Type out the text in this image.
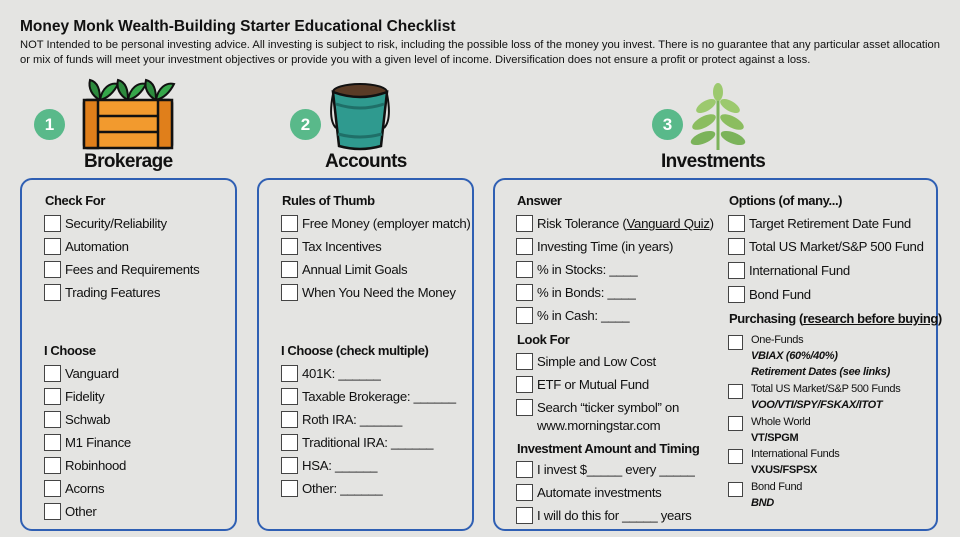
Money Monk Wealth-Building Starter Educational Checklist
NOT Intended to be personal investing advice. All investing is subject to risk, including the possible loss of the money you invest. There is no guarantee that any particular asset allocation or mix of funds will meet your investment objectives or provide you with a given level of income. Diversification does not ensure a profit or protect against a loss.
1
Brokerage
2
Accounts
3
Investments
Check For
Security/Reliability
Automation
Fees and Requirements
Trading Features
I Choose
Vanguard
Fidelity
Schwab
M1 Finance
Robinhood
Acorns
Other
Rules of Thumb
Free Money (employer match)
Tax Incentives
Annual Limit Goals
When You Need the Money
I Choose (check multiple)
401K: ______
Taxable Brokerage: ______
Roth IRA: ______
Traditional IRA: ______
HSA: ______
Other: ______
Answer
Risk Tolerance ( Vanguard Quiz )
Investing Time (in years)
% in Stocks: ____
% in Bonds: ____
% in Cash: ____
Look For
Simple and Low Cost
ETF or Mutual Fund
Search “ticker symbol” on
www.morningstar.com
Investment Amount and Timing
I invest $_____ every _____
Automate investments
I will do this for _____ years
Options (of many...)
Target Retirement Date Fund
Total US Market/S&P 500 Fund
International Fund
Bond Fund
Purchasing (research before buying)
One-Funds
VBIAX (60%/40%)
Retirement Dates (see links)
Total US Market/S&P 500 Funds
VOO/VTI/SPY/FSKAX/ITOT
Whole World
VT/SPGM
International Funds
VXUS/FSPSX
Bond Fund
BND
